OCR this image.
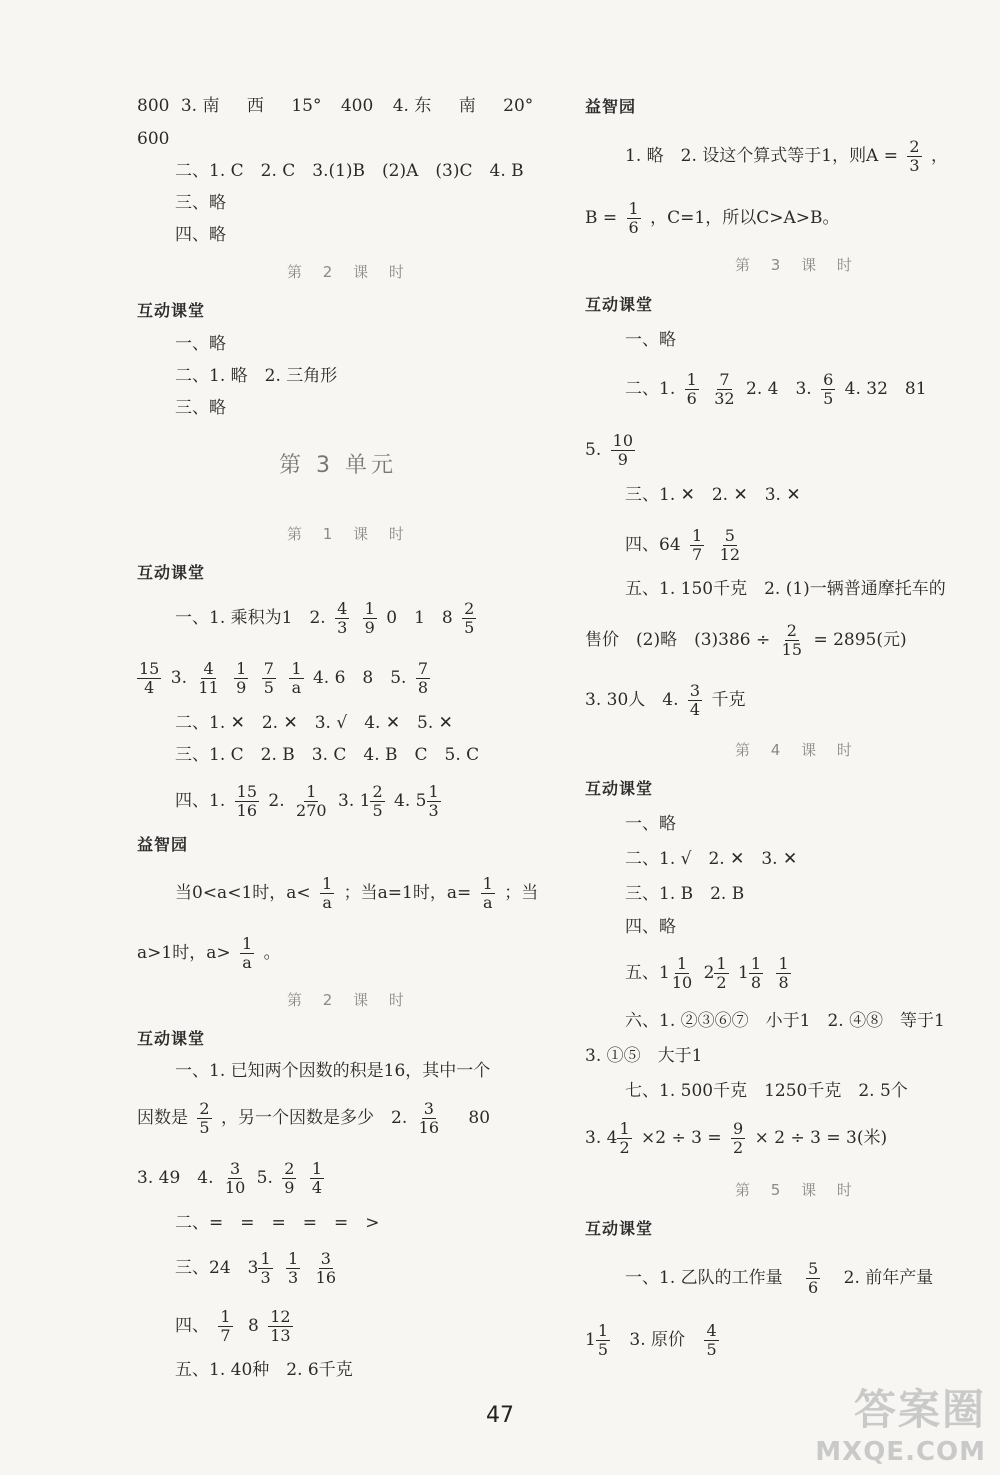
800 3. 南 西 15° 400 4. 东 南 20°
600
二、1. C　2. C　3.(1)B　(2)A　(3)C　4. B
三、略
四、略
第 2 课 时
互动课堂
一、略
二、1. 略　2. 三角形
三、略
第 3 单元
第 1 课 时
互动课堂
一、1. 乘积为1　2. $\frac{4}{3}$
$\frac{1}{9} 0$　1　$8 \frac{2}{5}$
$\frac{15}{4} 3$. $\frac{4}{11}$
$\frac{1}{9}$
$\frac{7}{5}$
$\frac{1}{a} 4$. 6　8　5. $\frac{7}{8}$
二、1. ✕　2. ✕　3. √　4. ✕　5. ✕
三、1. C　2. B　3. C　4. B　C　5. C
四、1. $\frac{15}{16} 2$. $\frac{1}{270} 3$. $1 \frac{2}{5} 4$. $5 \frac{1}{3}$
益智园
当0<a<1时，$a< \frac{1}{a}$ ；当a=1时，$a= \frac{1}{a}$ ；当
a>1时，$a> \frac{1}{a}$ 。
第 2 课 时
互动课堂
一、1. 已知两个因数的积是16，其中一个
因数是 $\frac{2}{5}$ ，另一个因数是多少　2. $\frac{3}{16} 80$
3. 49　4. $\frac{3}{10} 5$. $\frac{2}{9}$
$\frac{1}{4}$
二、=　=　=　=　=　>
三、24　$3 \frac{1}{3}$
$\frac{1}{3}$
$\frac{3}{16}$
四、 $\frac{1}{7} 8 \frac{12}{13}$
五、1. 40种　2. 6千克
益智园
1. 略　2. 设这个算式等于1，则$A = \frac{2}{3}$ ，
$B = \frac{1}{6}$ ，C=1，所以C>A>B。
第 3 课 时
互动课堂
一、略
二、1. $\frac{1}{6}$
$\frac{7}{32} 2$. 4　3. $\frac{6}{5} 4$. 32　81
5. $\frac{10}{9}$
三、1. ✕　2. ✕　3. ✕
四、$64 \frac{1}{7}$
$\frac{5}{12}$
五、1. 150千克　2. (1)一辆普通摩托车的
售价　(2)略　$(3)386 \div \frac{2}{15} = 2895$(元)
3. 30人　4. $\frac{3}{4}$ 千克
第 4 课 时
互动课堂
一、略
二、1. √　2. ✕　3. ✕
三、1. B　2. B
四、略
五、$1 \frac{1}{10} 2 \frac{1}{2} 1 \frac{1}{8}$
$\frac{1}{8}$
六、1. ②③⑥⑦　小于1　2. ④⑧　等于1
3. ①⑤　大于1
七、1. 500千克　1250千克　2. 5个
3. $4 \frac{1}{2} \times 2 \div 3 = \frac{9}{2} \times 2 \div 3 = 3$(米)
第 5 课 时
互动课堂
一、1. 乙队的工作量 $\frac{5}{6} 2$. 前年产量
$1 \frac{1}{5} 3$. 原价 $\frac{4}{5}$
47	答案圈
MXQE.COM
